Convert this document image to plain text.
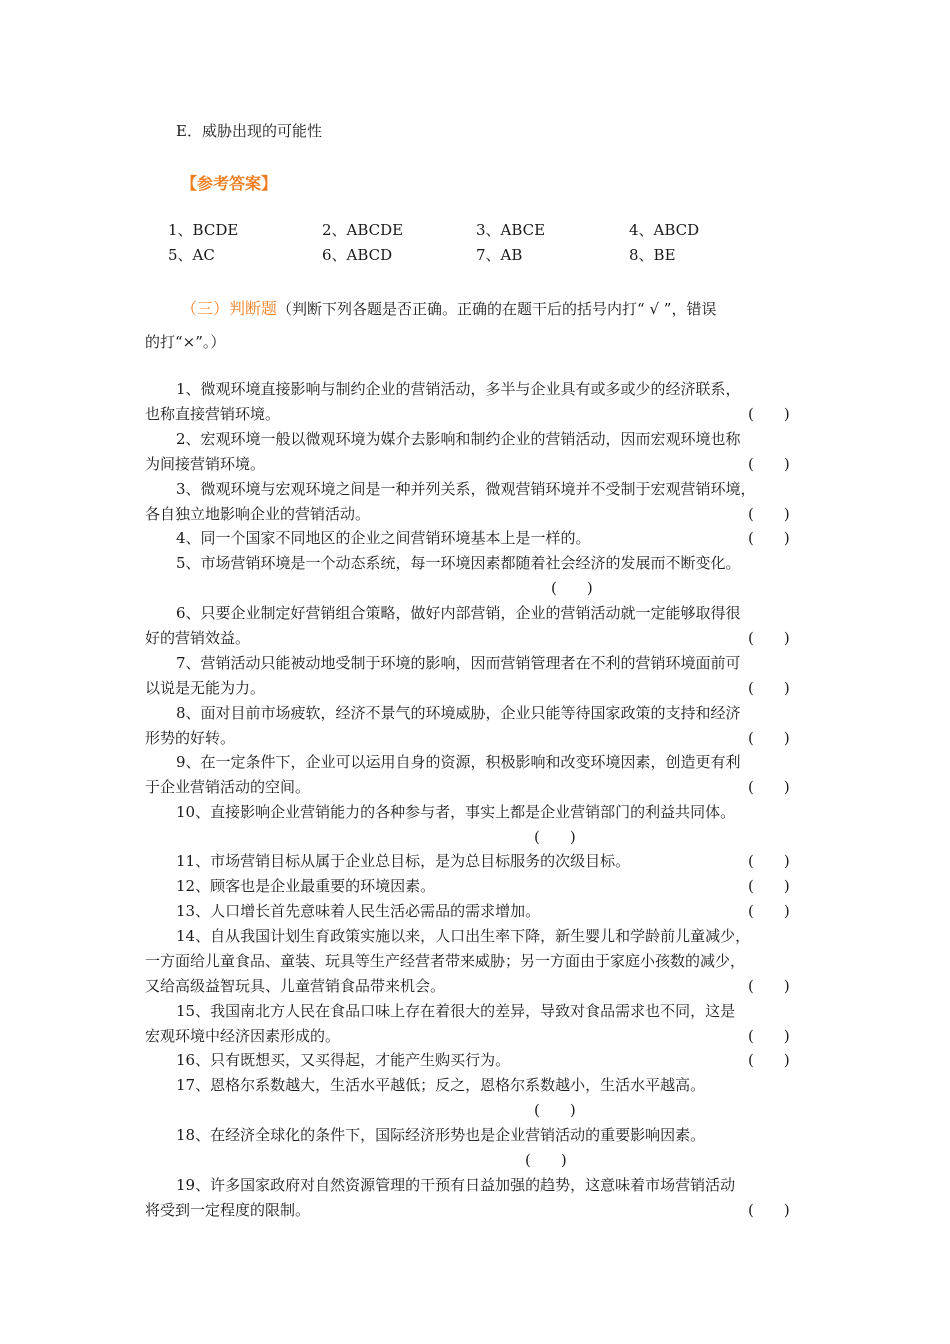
E．威胁出现的可能性
【参考答案】
1、BCDE	2、ABCDE	3、ABCE	4、ABCD
5、AC	6、ABCD	7、AB	8、BE
（三）判断题（判断下列各题是否正确。正确的在题干后的括号内打“ √ ”，错误
的打“×”。）
1、微观环境直接影响与制约企业的营销活动，多半与企业具有或多或少的经济联系，
也称直接营销环境。	(　　)
2、宏观环境一般以微观环境为媒介去影响和制约企业的营销活动，因而宏观环境也称
为间接营销环境。	(　　)
3、微观环境与宏观环境之间是一种并列关系，微观营销环境并不受制于宏观营销环境，
各自独立地影响企业的营销活动。	(　　)
4、同一个国家不同地区的企业之间营销环境基本上是一样的。	(　　)
5、市场营销环境是一个动态系统，每一环境因素都随着社会经济的发展而不断变化。
(　　)
6、只要企业制定好营销组合策略，做好内部营销，企业的营销活动就一定能够取得很
好的营销效益。	(　　)
7、营销活动只能被动地受制于环境的影响，因而营销管理者在不利的营销环境面前可
以说是无能为力。	(　　)
8、面对目前市场疲软，经济不景气的环境威胁，企业只能等待国家政策的支持和经济
形势的好转。	(　　)
9、在一定条件下，企业可以运用自身的资源，积极影响和改变环境因素，创造更有利
于企业营销活动的空间。	(　　)
10、直接影响企业营销能力的各种参与者，事实上都是企业营销部门的利益共同体。
(　　)
11、市场营销目标从属于企业总目标，是为总目标服务的次级目标。	(　　)
12、顾客也是企业最重要的环境因素。	(　　)
13、人口增长首先意味着人民生活必需品的需求增加。	(　　)
14、自从我国计划生育政策实施以来，人口出生率下降，新生婴儿和学龄前儿童减少，
一方面给儿童食品、童装、玩具等生产经营者带来威胁；另一方面由于家庭小孩数的减少，
又给高级益智玩具、儿童营销食品带来机会。	(　　)
15、我国南北方人民在食品口味上存在着很大的差异，导致对食品需求也不同，这是
宏观环境中经济因素形成的。	(　　)
16、只有既想买，又买得起，才能产生购买行为。	(　　)
17、恩格尔系数越大，生活水平越低；反之，恩格尔系数越小，生活水平越高。
(　　)
18、在经济全球化的条件下，国际经济形势也是企业营销活动的重要影响因素。
(　　)
19、许多国家政府对自然资源管理的干预有日益加强的趋势，这意味着市场营销活动
将受到一定程度的限制。	(　　)
